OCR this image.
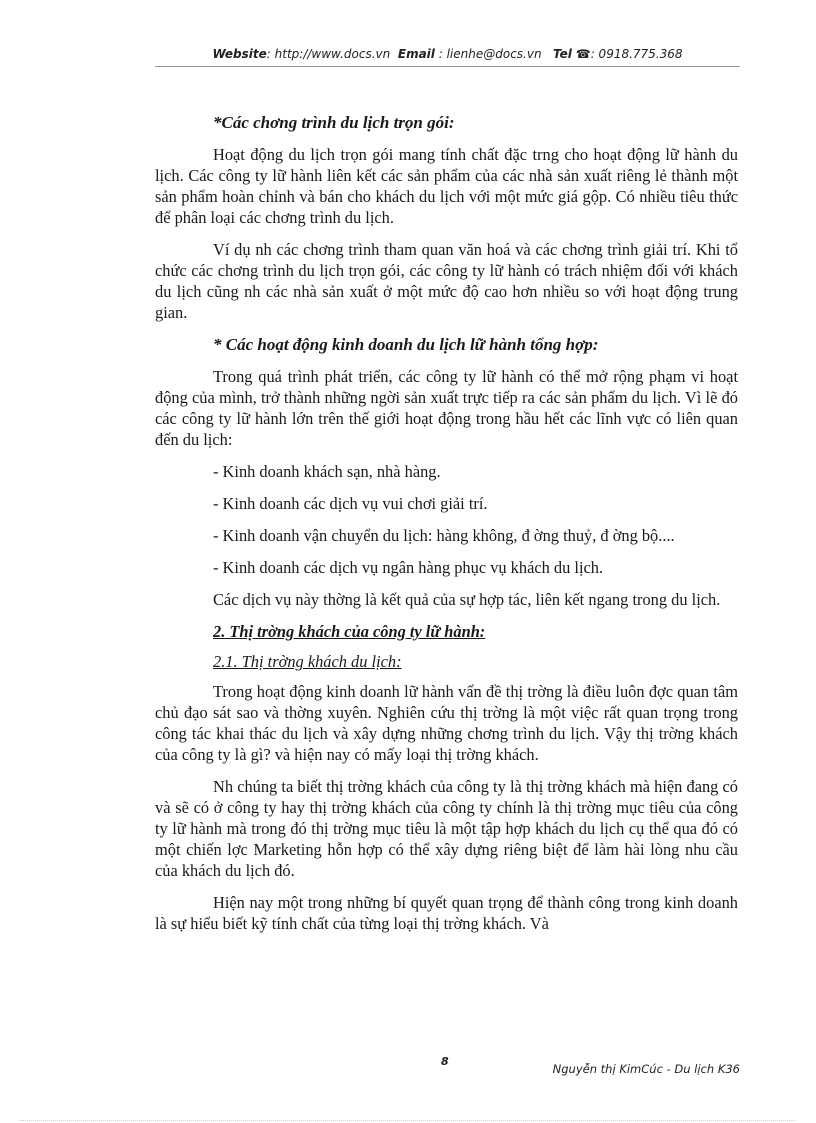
Website: http://www.docs.vn Email : lienhe@docs.vn Tel ☎: 0918.775.368

*Các chơng trình du lịch trọn gói:

Hoạt động du lịch trọn gói mang tính chất đặc trng cho hoạt động lữ hành du lịch. Các công ty lữ hành liên kết các sản phẩm của các nhà sản xuất riêng lẻ thành một sản phẩm hoàn chỉnh và bán cho khách du lịch với một mức giá gộp. Có nhiều tiêu thức để phân loại các chơng trình du lịch.

Ví dụ nh các chơng trình tham quan văn hoá và các chơng trình giải trí. Khi tổ chức các chơng trình du lịch trọn gói, các công ty lữ hành có trách nhiệm đối với khách du lịch cũng nh các nhà sản xuất ở một mức độ cao hơn nhiều so với hoạt động trung gian.

* Các hoạt động kinh doanh du lịch lữ hành tổng hợp:

Trong quá trình phát triển, các công ty lữ hành có thể mở rộng phạm vi hoạt động của mình, trở thành những ngời sản xuất trực tiếp ra các sản phẩm du lịch. Vì lẽ đó các công ty lữ hành lớn trên thế giới hoạt động trong hầu hết các lĩnh vực có liên quan đến du lịch:

- Kinh doanh khách sạn, nhà hàng.

- Kinh doanh các dịch vụ vui chơi giải trí.

- Kinh doanh vận chuyển du lịch: hàng không, đ ờng thuỷ, đ ờng bộ....

- Kinh doanh các dịch vụ ngân hàng phục vụ khách du lịch.

Các dịch vụ này thờng là kết quả của sự hợp tác, liên kết ngang trong du lịch.

2. Thị trờng khách của công ty lữ hành:

2.1. Thị trờng khách du lịch:

Trong hoạt động kinh doanh lữ hành vấn đề thị trờng là điều luôn đợc quan tâm chủ đạo sát sao và thờng xuyên. Nghiên cứu thị trờng là một việc rất quan trọng trong công tác khai thác du lịch và xây dựng những chơng trình du lịch. Vậy thị trờng khách của công ty là gì? và hiện nay có mấy loại thị trờng khách.

Nh chúng ta biết thị trờng khách của công ty là thị trờng khách mà hiện đang có và sẽ có ở công ty hay thị trờng khách của công ty chính là thị trờng mục tiêu của công ty lữ hành mà trong đó thị trờng mục tiêu là một tập hợp khách du lịch cụ thể qua đó có một chiến lợc Marketing hỗn hợp có thể xây dựng riêng biệt để làm hài lòng nhu cầu của khách du lịch đó.

Hiện nay một trong những bí quyết quan trọng để thành công trong kinh doanh là sự hiểu biết kỹ tính chất của từng loại thị trờng khách. Và

8
Nguyễn thị KimCúc - Du lịch K36
